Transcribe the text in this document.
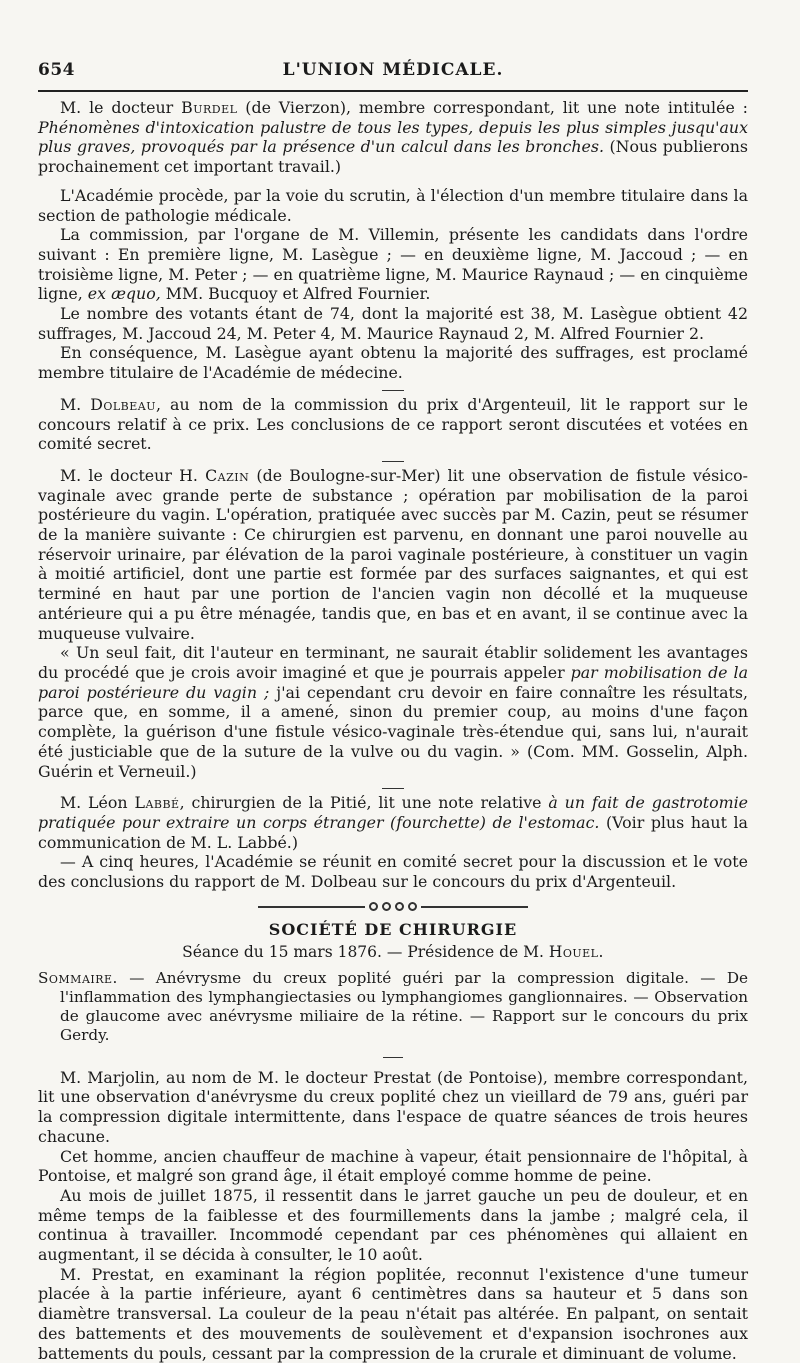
654	L'UNION MÉDICALE.

M. le docteur Burdel (de Vierzon), membre correspondant, lit une note intitulée : Phénomènes d'intoxication palustre de tous les types, depuis les plus simples jusqu'aux plus graves, provoqués par la présence d'un calcul dans les bronches. (Nous publierons prochainement cet important travail.)

L'Académie procède, par la voie du scrutin, à l'élection d'un membre titulaire dans la section de pathologie médicale.

La commission, par l'organe de M. Villemin, présente les candidats dans l'ordre suivant : En première ligne, M. Lasègue ; — en deuxième ligne, M. Jaccoud ; — en troisième ligne, M. Peter ; — en quatrième ligne, M. Maurice Raynaud ; — en cinquième ligne, ex æquo, MM. Bucquoy et Alfred Fournier.

Le nombre des votants étant de 74, dont la majorité est 38, M. Lasègue obtient 42 suffrages, M. Jaccoud 24, M. Peter 4, M. Maurice Raynaud 2, M. Alfred Fournier 2.

En conséquence, M. Lasègue ayant obtenu la majorité des suffrages, est proclamé membre titulaire de l'Académie de médecine.

M. Dolbeau, au nom de la commission du prix d'Argenteuil, lit le rapport sur le concours relatif à ce prix. Les conclusions de ce rapport seront discutées et votées en comité secret.

M. le docteur H. Cazin (de Boulogne-sur-Mer) lit une observation de fistule vésico-vaginale avec grande perte de substance ; opération par mobilisation de la paroi postérieure du vagin. L'opération, pratiquée avec succès par M. Cazin, peut se résumer de la manière suivante : Ce chirurgien est parvenu, en donnant une paroi nouvelle au réservoir urinaire, par élévation de la paroi vaginale postérieure, à constituer un vagin à moitié artificiel, dont une partie est formée par des surfaces saignantes, et qui est terminé en haut par une portion de l'ancien vagin non décollé et la muqueuse antérieure qui a pu être ménagée, tandis que, en bas et en avant, il se continue avec la muqueuse vulvaire.

« Un seul fait, dit l'auteur en terminant, ne saurait établir solidement les avantages du procédé que je crois avoir imaginé et que je pourrais appeler par mobilisation de la paroi postérieure du vagin ; j'ai cependant cru devoir en faire connaître les résultats, parce que, en somme, il a amené, sinon du premier coup, au moins d'une façon complète, la guérison d'une fistule vésico-vaginale très-étendue qui, sans lui, n'aurait été justiciable que de la suture de la vulve ou du vagin. » (Com. MM. Gosselin, Alph. Guérin et Verneuil.)

M. Léon Labbé, chirurgien de la Pitié, lit une note relative à un fait de gastrotomie pratiquée pour extraire un corps étranger (fourchette) de l'estomac. (Voir plus haut la communication de M. L. Labbé.)

— A cinq heures, l'Académie se réunit en comité secret pour la discussion et le vote des conclusions du rapport de M. Dolbeau sur le concours du prix d'Argenteuil.

SOCIÉTÉ DE CHIRURGIE
Séance du 15 mars 1876. — Présidence de M. Houel.

Sommaire. — Anévrysme du creux poplité guéri par la compression digitale. — De l'inflammation des lymphangiectasies ou lymphangiomes ganglionnaires. — Observation de glaucome avec anévrysme miliaire de la rétine. — Rapport sur le concours du prix Gerdy.

M. Marjolin, au nom de M. le docteur Prestat (de Pontoise), membre correspondant, lit une observation d'anévrysme du creux poplité chez un vieillard de 79 ans, guéri par la compression digitale intermittente, dans l'espace de quatre séances de trois heures chacune.

Cet homme, ancien chauffeur de machine à vapeur, était pensionnaire de l'hôpital, à Pontoise, et malgré son grand âge, il était employé comme homme de peine.

Au mois de juillet 1875, il ressentit dans le jarret gauche un peu de douleur, et en même temps de la faiblesse et des fourmillements dans la jambe ; malgré cela, il continua à travailler. Incommodé cependant par ces phénomènes qui allaient en augmentant, il se décida à consulter, le 10 août.

M. Prestat, en examinant la région poplitée, reconnut l'existence d'une tumeur placée à la partie inférieure, ayant 6 centimètres dans sa hauteur et 5 dans son diamètre transversal. La couleur de la peau n'était pas altérée. En palpant, on sentait des battements et des mouvements de soulèvement et d'expansion isochrones aux battements du pouls, cessant par la compression de la crurale et diminuant de volume.
